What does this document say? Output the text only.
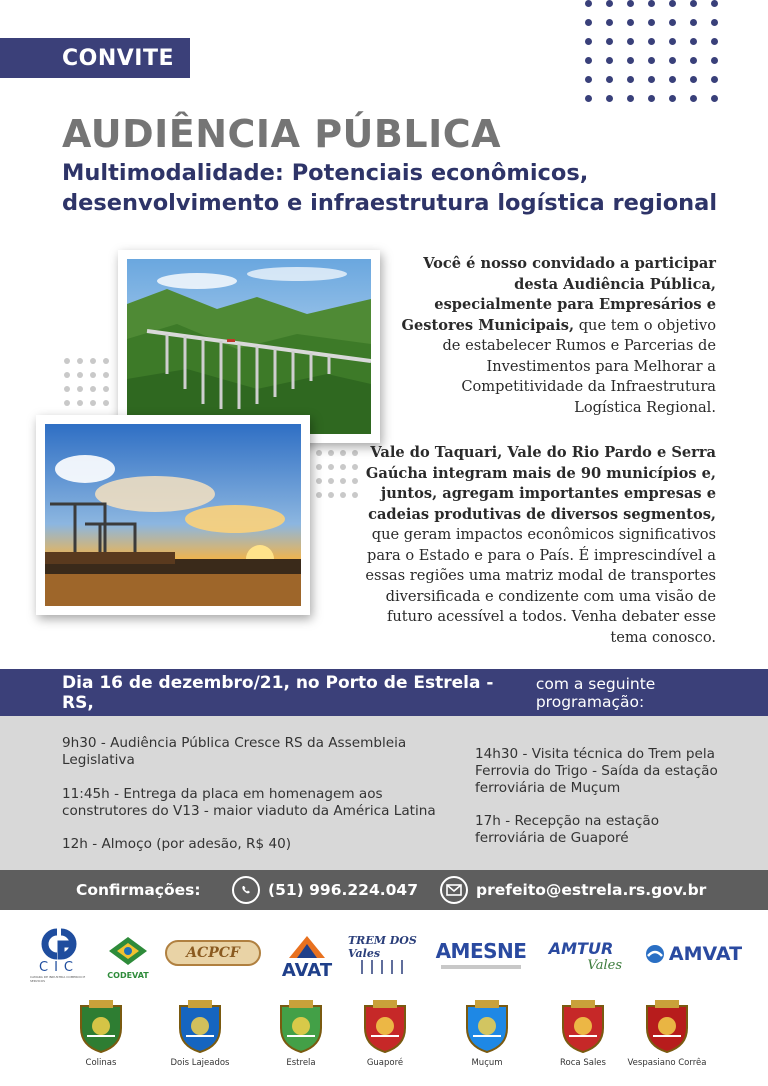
CONVITE
AUDIÊNCIA PÚBLICA
Multimodalidade: Potenciais econômicos, desenvolvimento e infraestrutura logística regional
Você é nosso convidado a participar desta Audiência Pública, especialmente para Empresários e Gestores Municipais, que tem o objetivo de estabelecer Rumos e Parcerias de Investimentos para Melhorar a Competitividade da Infraestrutura Logística Regional.
Vale do Taquari, Vale do Rio Pardo e Serra Gaúcha integram mais de 90 municípios e, juntos, agregam importantes empresas e cadeias produtivas de diversos segmentos, que geram impactos econômicos significativos para o Estado e para o País. É imprescindível a essas regiões uma matriz modal de transportes diversificada e condizente com uma visão de futuro acessível a todos. Venha debater esse tema conosco.
Dia 16 de dezembro/21, no Porto de Estrela - RS,
com a seguinte programação:
9h30 - Audiência Pública Cresce RS da Assembleia Legislativa
11:45h - Entrega da placa em homenagem aos construtores do V13 - maior viaduto da América Latina
12h - Almoço (por adesão, R$ 40)
14h30 - Visita técnica do Trem pela Ferrovia do Trigo - Saída da estação ferroviária de Muçum
17h - Recepção na estação ferroviária de Guaporé
Confirmações:	(51) 996.224.047	prefeito@estrela.rs.gov.br
CIC
CAMARA DE INDUSTRIA COMERCIO E SERVICOS
CODEVAT
ACPCF
AVAT
TREM DOS Vales	AMESNE AMTUR
Vales
AMVAT
Colinas	Dois Lajeados	Estrela	Guaporé	Muçum	Roca Sales	Vespasiano Corrêa
